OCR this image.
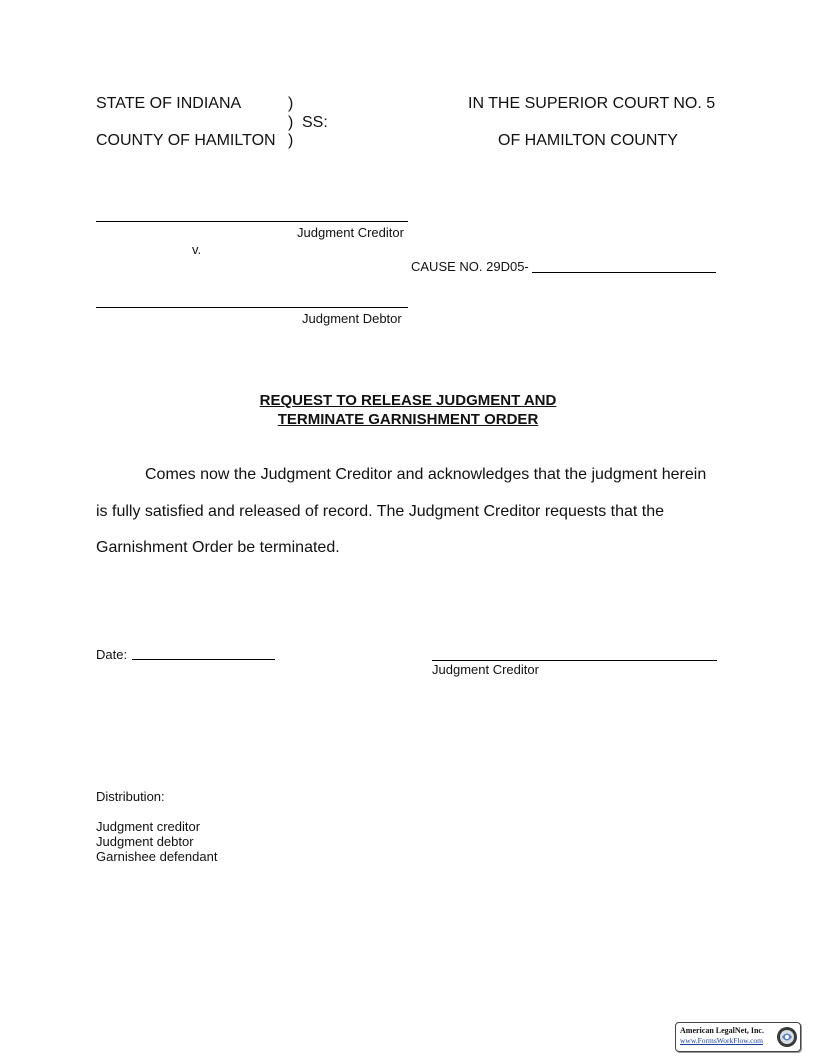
STATE OF INDIANA	)
) SS:
COUNTY OF HAMILTON )
IN THE SUPERIOR COURT NO. 5
OF HAMILTON COUNTY
Judgment Creditor
v.
CAUSE NO. 29D05-
Judgment Debtor
REQUEST TO RELEASE JUDGMENT AND
TERMINATE GARNISHMENT ORDER
Comes now the Judgment Creditor and acknowledges that the judgment herein
is fully satisfied and released of record. The Judgment Creditor requests that the
Garnishment Order be terminated.
Date:
Judgment Creditor
Distribution:
Judgment creditor
Judgment debtor
Garnishee defendant
American LegalNet, Inc.
www.FormsWorkFlow.com
